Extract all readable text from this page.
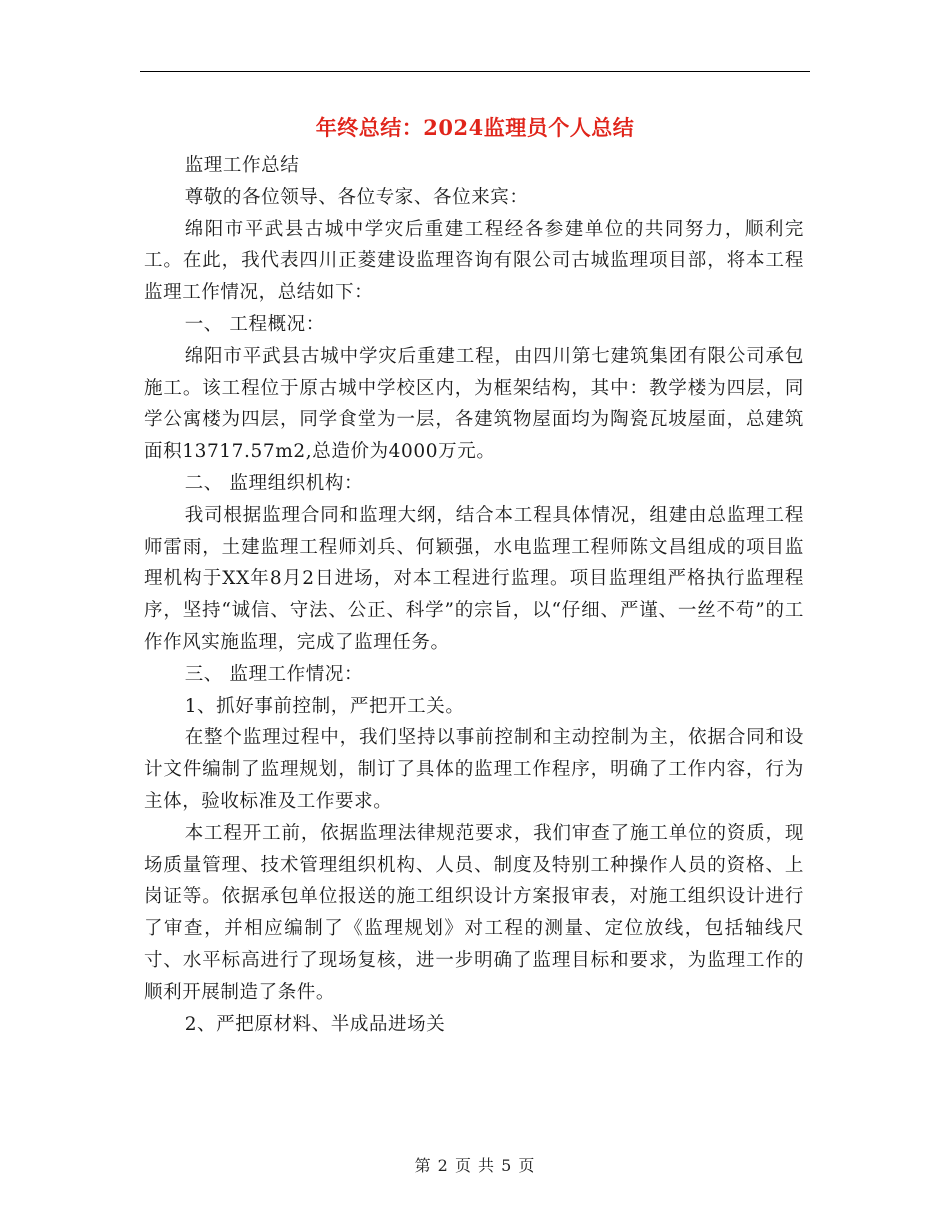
年终总结：2024监理员个人总结

监理工作总结

尊敬的各位领导、各位专家、各位来宾：

绵阳市平武县古城中学灾后重建工程经各参建单位的共同努力，顺利完工。在此，我代表四川正菱建设监理咨询有限公司古城监理项目部，将本工程监理工作情况，总结如下：

一、 工程概况：

绵阳市平武县古城中学灾后重建工程，由四川第七建筑集团有限公司承包施工。该工程位于原古城中学校区内，为框架结构，其中：教学楼为四层，同学公寓楼为四层，同学食堂为一层，各建筑物屋面均为陶瓷瓦坡屋面，总建筑面积13717.57m2,总造价为4000万元。

二、 监理组织机构：

我司根据监理合同和监理大纲，结合本工程具体情况，组建由总监理工程师雷雨，土建监理工程师刘兵、何颖强，水电监理工程师陈文昌组成的项目监理机构于XX年8月2日进场，对本工程进行监理。项目监理组严格执行监理程序，坚持“诚信、守法、公正、科学”的宗旨，以“仔细、严谨、一丝不苟”的工作作风实施监理，完成了监理任务。

三、 监理工作情况：

1、抓好事前控制，严把开工关。

在整个监理过程中，我们坚持以事前控制和主动控制为主，依据合同和设计文件编制了监理规划，制订了具体的监理工作程序，明确了工作内容，行为主体，验收标准及工作要求。

本工程开工前，依据监理法律规范要求，我们审查了施工单位的资质，现场质量管理、技术管理组织机构、人员、制度及特别工种操作人员的资格、上岗证等。依据承包单位报送的施工组织设计方案报审表，对施工组织设计进行了审查，并相应编制了《监理规划》对工程的测量、定位放线，包括轴线尺寸、水平标高进行了现场复核，进一步明确了监理目标和要求，为监理工作的顺利开展制造了条件。

2、严把原材料、半成品进场关

第 2 页 共 5 页
